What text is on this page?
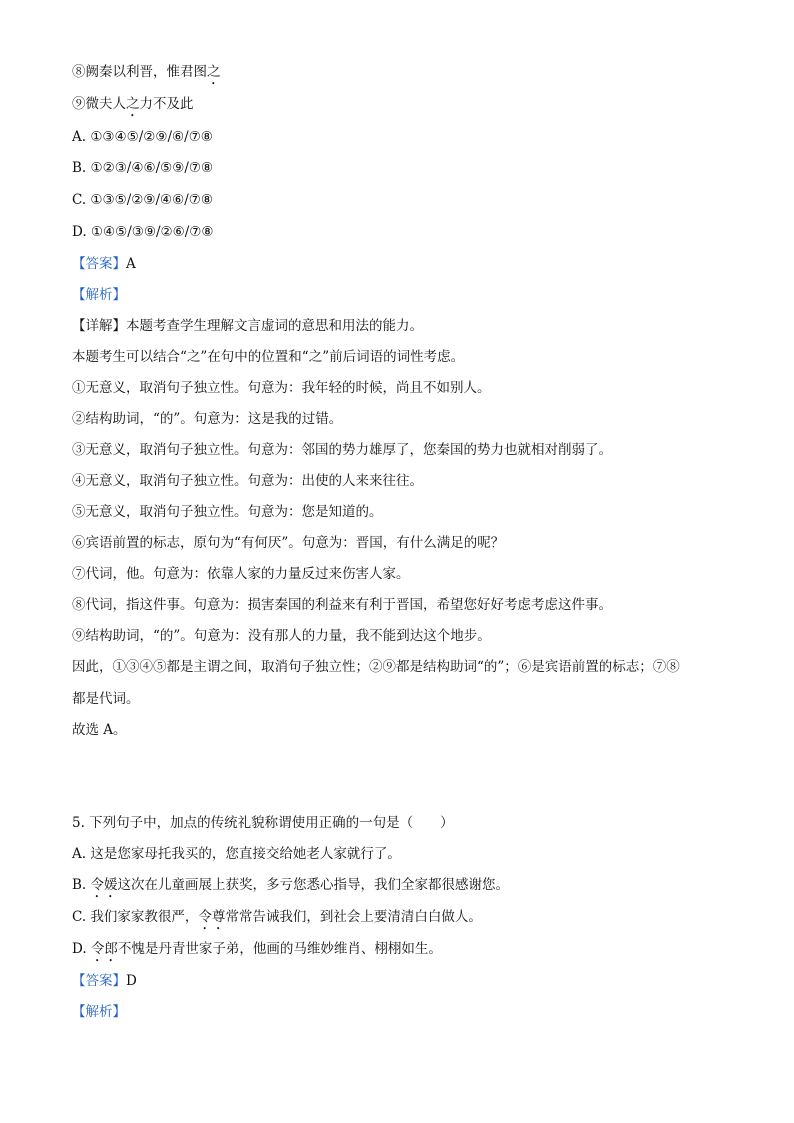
⑧阙秦以利晋，惟君图之
⑨微夫人之力不及此
A. ①③④⑤/②⑨/⑥/⑦⑧
B. ①②③/④⑥/⑤⑨/⑦⑧
C. ①③⑤/②⑨/④⑥/⑦⑧
D. ①④⑤/③⑨/②⑥/⑦⑧
【答案】A
【解析】
【详解】本题考查学生理解文言虚词的意思和用法的能力。
本题考生可以结合“之”在句中的位置和“之”前后词语的词性考虑。
①无意义，取消句子独立性。句意为：我年轻的时候，尚且不如别人。
②结构助词，“的”。句意为：这是我的过错。
③无意义，取消句子独立性。句意为：邻国的势力雄厚了，您秦国的势力也就相对削弱了。
④无意义，取消句子独立性。句意为：出使的人来来往往。
⑤无意义，取消句子独立性。句意为：您是知道的。
⑥宾语前置的标志，原句为“有何厌”。句意为：晋国，有什么满足的呢？
⑦代词，他。句意为：依靠人家的力量反过来伤害人家。
⑧代词，指这件事。句意为：损害秦国的利益来有利于晋国，希望您好好考虑考虑这件事。
⑨结构助词，“的”。句意为：没有那人的力量，我不能到达这个地步。
因此，①③④⑤都是主谓之间，取消句子独立性；②⑨都是结构助词“的”；⑥是宾语前置的标志；⑦⑧
都是代词。
故选 A。
5. 下列句子中，加点的传统礼貌称谓使用正确的一句是（　　）
A. 这是您家母托我买的，您直接交给她老人家就行了。
B. 令媛这次在儿童画展上获奖，多亏您悉心指导，我们全家都很感谢您。
C. 我们家家教很严，令尊常常告诫我们，到社会上要清清白白做人。
D. 令郎不愧是丹青世家子弟，他画的马维妙维肖、栩栩如生。
【答案】D
【解析】
